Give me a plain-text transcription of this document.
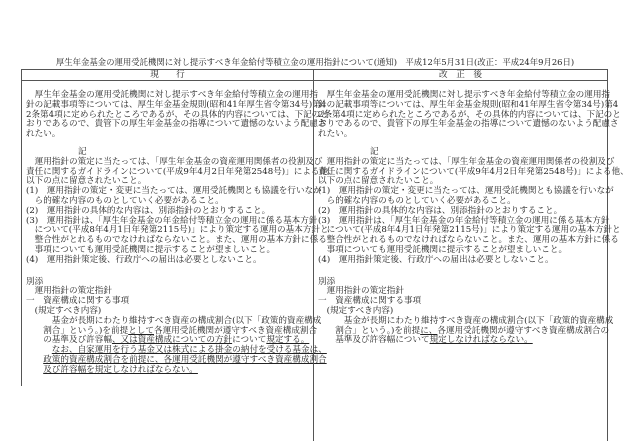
厚生年金基金の運用受託機関に対し提示すべき年金給付等積立金の運用指針について(通知)　平成12年5月31日(改正：平成24年9月26日)
現　　行	改　正　後
　厚生年金基金の運用受託機関に対し提示すべき年金給付等積立金の運用指
針の記載事項等については、厚生年金基金規則(昭和41年厚生省令第34号)第4
2条第4項に定められたところであるが、その具体的内容については、下記のと
おりであるので、貴管下の厚生年金基金の指導について遺憾のないよう配慮さ
れたい。
記
　運用指針の策定に当たっては、「厚生年金基金の資産運用関係者の役割及び
責任に関するガイドラインについて(平成9年4月2日年発第2548号)」による他、
以下の点に留意されたいこと。
(1)　運用指針の策定・変更に当たっては、運用受託機関とも協議を行いなが
　ら的確な内容のものとしていく必要があること。
(2)　運用指針の具体的な内容は、別添指針のとおりすること。
(3)　運用指針は、「厚生年金基金の年金給付等積立金の運用に係る基本方針
　について(平成8年4月1日年発第2115号)」により策定する運用の基本方針と
　整合性がとれるものでなければならないこと。また、運用の基本方針に係る
　事項についても運用受託機関に提示することが望ましいこと。
(4)　運用指針策定後、行政庁への届出は必要としないこと。
別添
　運用指針の策定指針
一　資産構成に関する事項
　(規定すべき内容)
　　　基金が長期にわたり維持すべき資産の構成割合(以下「政策的資産構成
　　割合」という。)を前提として各運用受託機関が遵守すべき資産構成割合
　　の基準及び許容幅、又は資産構成についての方針について規定する。
　　　なお、自家運用を行う基金又は株式による掛金の納付を受ける基金は、
　　政策的資産構成割合を前提に、各運用受託機関が遵守すべき資産構成割合
　　及び許容幅を規定しなければならない。
　厚生年金基金の運用受託機関に対し提示すべき年金給付等積立金の運用指
針の記載事項等については、厚生年金基金規則(昭和41年厚生省令第34号)第4
2条第4項に定められたところであるが、その具体的内容については、下記のと
おりであるので、貴管下の厚生年金基金の指導について遺憾のないよう配慮さ
れたい。
記
　運用指針の策定に当たっては、「厚生年金基金の資産運用関係者の役割及び
責任に関するガイドラインについて(平成9年4月2日年発第2548号)」による他、
以下の点に留意されたいこと。
(1)　運用指針の策定・変更に当たっては、運用受託機関とも協議を行いなが
　ら的確な内容のものとしていく必要があること。
(2)　運用指針の具体的な内容は、別添指針のとおりすること。
(3)　運用指針は、「厚生年金基金の年金給付等積立金の運用に係る基本方針
　について(平成8年4月1日年発第2115号)」により策定する運用の基本方針と
　整合性がとれるものでなければならないこと。また、運用の基本方針に係る
　事項についても運用受託機関に提示することが望ましいこと。
(4)　運用指針策定後、行政庁への届出は必要としないこと。
別添
　運用指針の策定指針
一　資産構成に関する事項
　(規定すべき内容)
　　　基金が長期にわたり維持すべき資産の構成割合(以下「政策的資産構成
　　割合」という。)を前提に、各運用受託機関が遵守すべき資産構成割合の
　　基準及び許容幅について規定しなければならない。
